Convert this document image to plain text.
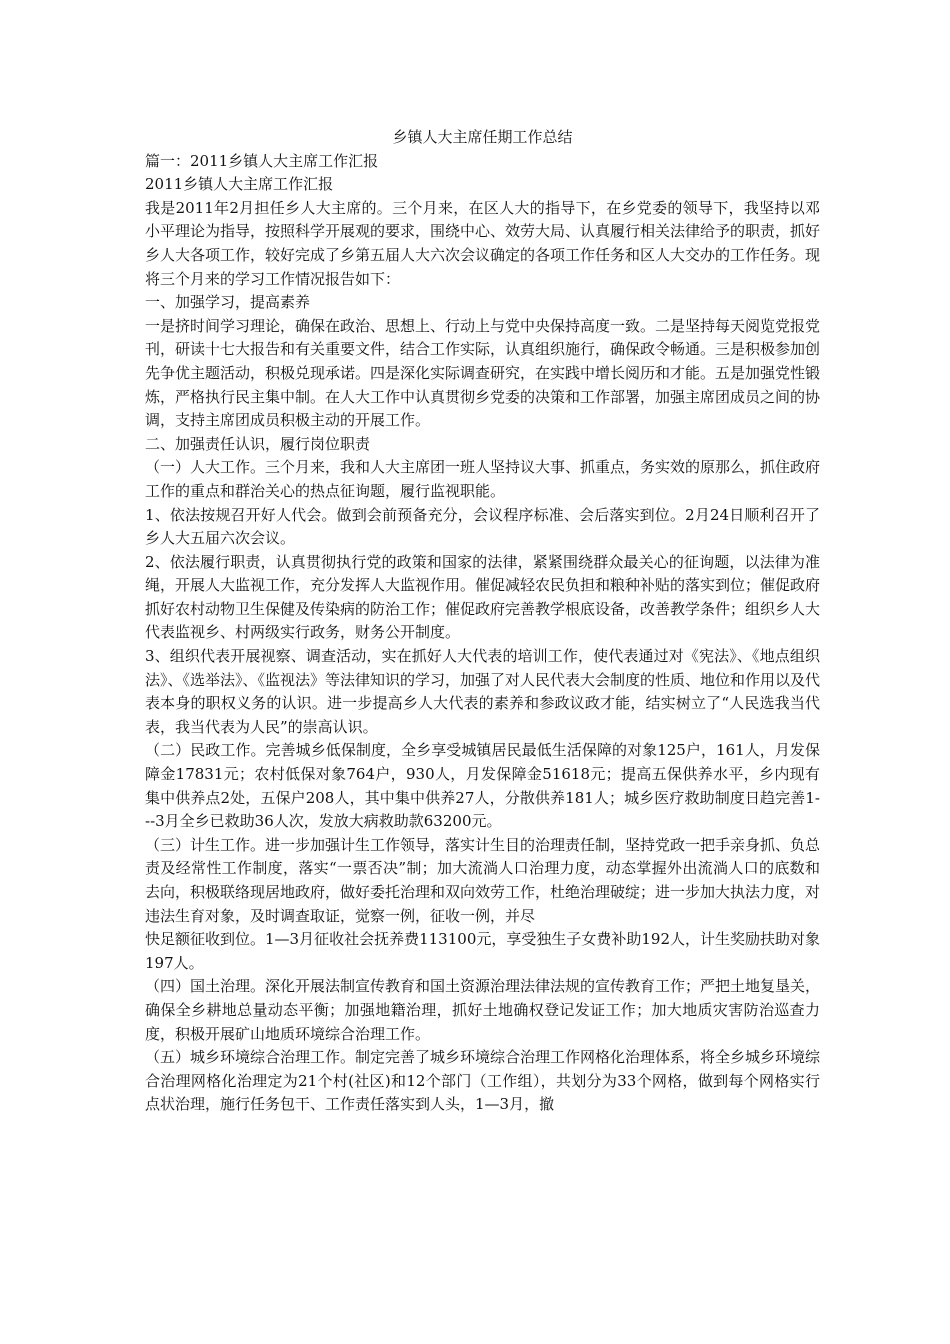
乡镇人大主席任期工作总结

篇一：2011乡镇人大主席工作汇报

2011乡镇人大主席工作汇报

我是2011年2月担任乡人大主席的。三个月来，在区人大的指导下，在乡党委的领导下，我坚持以邓小平理论为指导，按照科学开展观的要求，围绕中心、效劳大局、认真履行相关法律给予的职责，抓好乡人大各项工作，较好完成了乡第五届人大六次会议确定的各项工作任务和区人大交办的工作任务。现将三个月来的学习工作情况报告如下：

一、加强学习，提高素养

一是挤时间学习理论，确保在政治、思想上、行动上与党中央保持高度一致。二是坚持每天阅览党报党刊，研读十七大报告和有关重要文件，结合工作实际，认真组织施行，确保政令畅通。三是积极参加创先争优主题活动，积极兑现承诺。四是深化实际调查研究，在实践中增长阅历和才能。五是加强党性锻炼，严格执行民主集中制。在人大工作中认真贯彻乡党委的决策和工作部署，加强主席团成员之间的协调，支持主席团成员积极主动的开展工作。

二、加强责任认识，履行岗位职责

（一）人大工作。三个月来，我和人大主席团一班人坚持议大事、抓重点，务实效的原那么，抓住政府工作的重点和群治关心的热点征询题，履行监视职能。

1、依法按规召开好人代会。做到会前预备充分，会议程序标准、会后落实到位。2月24日顺利召开了乡人大五届六次会议。

2、依法履行职责，认真贯彻执行党的政策和国家的法律，紧紧围绕群众最关心的征询题，以法律为准绳，开展人大监视工作，充分发挥人大监视作用。催促减轻农民负担和粮种补贴的落实到位；催促政府抓好农村动物卫生保健及传染病的防治工作；催促政府完善教学根底设备，改善教学条件；组织乡人大代表监视乡、村两级实行政务，财务公开制度。

3、组织代表开展视察、调查活动，实在抓好人大代表的培训工作，使代表通过对《宪法》、《地点组织法》、《选举法》、《监视法》等法律知识的学习，加强了对人民代表大会制度的性质、地位和作用以及代表本身的职权义务的认识。进一步提高乡人大代表的素养和参政议政才能，结实树立了“人民选我当代表，我当代表为人民”的崇高认识。

（二）民政工作。完善城乡低保制度，全乡享受城镇居民最低生活保障的对象125户，161人，月发保障金17831元；农村低保对象764户，930人，月发保障金51618元；提高五保供养水平，乡内现有集中供养点2处，五保户208人，其中集中供养27人，分散供养181人；城乡医疗救助制度日趋完善1---3月全乡已救助36人次，发放大病救助款63200元。

（三）计生工作。进一步加强计生工作领导，落实计生目的治理责任制，坚持党政一把手亲身抓、负总责及经常性工作制度，落实“一票否决”制；加大流淌人口治理力度，动态掌握外出流淌人口的底数和去向，积极联络现居地政府，做好委托治理和双向效劳工作，杜绝治理破绽；进一步加大执法力度，对违法生育对象，及时调查取证，觉察一例，征收一例，并尽

快足额征收到位。1—3月征收社会抚养费113100元，享受独生子女费补助192人，计生奖励扶助对象197人。

（四）国土治理。深化开展法制宣传教育和国土资源治理法律法规的宣传教育工作；严把土地复垦关，确保全乡耕地总量动态平衡；加强地籍治理，抓好土地确权登记发证工作；加大地质灾害防治巡查力度，积极开展矿山地质环境综合治理工作。

（五）城乡环境综合治理工作。制定完善了城乡环境综合治理工作网格化治理体系，将全乡城乡环境综合治理网格化治理定为21个村(社区)和12个部门（工作组），共划分为33个网格，做到每个网格实行点状治理，施行任务包干、工作责任落实到人头，1—3月，撤
